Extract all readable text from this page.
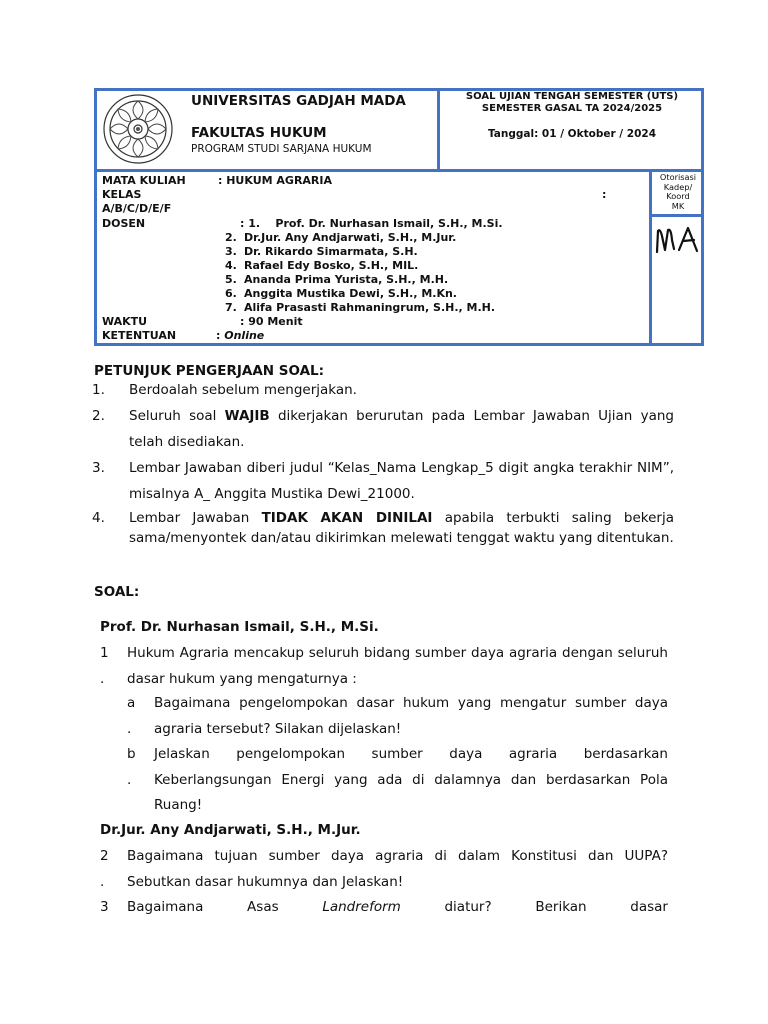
UNIVERSITAS GADJAH MADA
FAKULTAS HUKUM
PROGRAM STUDI SARJANA HUKUM
SOAL UJIAN TENGAH SEMESTER (UTS)
SEMESTER GASAL TA 2024/2025
Tanggal: 01 / Oktober / 2024
Otorisasi
Kadep/
Koord
MK
MATA KULIAH	: HUKUM AGRARIA
KELAS	:
A/B/C/D/E/F
DOSEN	: 1. Prof. Dr. Nurhasan Ismail, S.H., M.Si.
2. Dr.Jur. Any Andjarwati, S.H., M.Jur.
3. Dr. Rikardo Simarmata, S.H.
4. Rafael Edy Bosko, S.H., MIL.
5. Ananda Prima Yurista, S.H., M.H.
6. Anggita Mustika Dewi, S.H., M.Kn.
7. Alifa Prasasti Rahmaningrum, S.H., M.H.
WAKTU	: 90 Menit
KETENTUAN	: Online
PETUNJUK PENGERJAAN SOAL:
1. Berdoalah sebelum mengerjakan.
2. Seluruh soal WAJIB dikerjakan berurutan pada Lembar Jawaban Ujian yang telah disediakan.
3. Lembar Jawaban diberi judul “Kelas_Nama Lengkap_5 digit angka terakhir NIM”, misalnya A_ Anggita Mustika Dewi_21000.
4. Lembar Jawaban TIDAK AKAN DINILAI apabila terbukti saling bekerja sama/menyontek dan/atau dikirimkan melewati tenggat waktu yang ditentukan.
SOAL:
Prof. Dr. Nurhasan Ismail, S.H., M.Si.
1
.
Hukum Agraria mencakup seluruh bidang sumber daya agraria dengan seluruh dasar hukum yang mengaturnya :
a
.
Bagaimana pengelompokan dasar hukum yang mengatur sumber daya agraria tersebut? Silakan dijelaskan!
b
.
Jelaskan pengelompokan sumber daya agraria berdasarkan Keberlangsungan Energi yang ada di dalamnya dan berdasarkan Pola Ruang!
Dr.Jur. Any Andjarwati, S.H., M.Jur.
2
.
Bagaimana tujuan sumber daya agraria di dalam Konstitusi dan UUPA? Sebutkan dasar hukumnya dan Jelaskan!
3	Bagaimana Asas Landreform diatur? Berikan dasar
